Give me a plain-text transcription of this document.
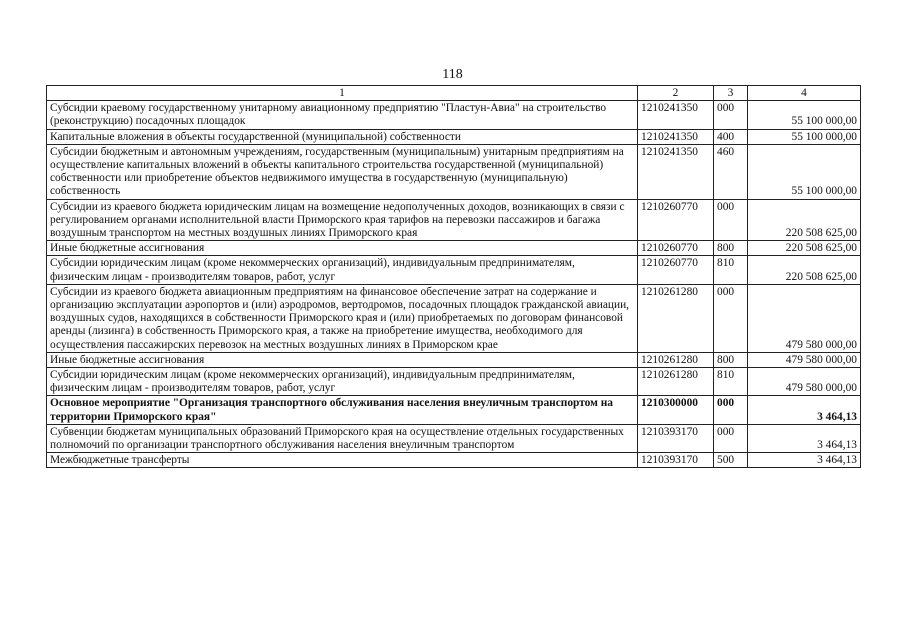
118
1	2	3	4
Субсидии краевому государственному унитарному авиационному предприятию "Пластун-Авиа" на строительство (реконструкцию) посадочных площадок	1210241350	000	55 100 000,00
Капитальные вложения в объекты государственной (муниципальной) собственности	1210241350	400	55 100 000,00
Субсидии бюджетным и автономным учреждениям, государственным (муниципальным) унитарным предприятиям на осуществление капитальных вложений в объекты капитального строительства государственной (муниципальной) собственности или приобретение объектов недвижимого имущества в государственную (муниципальную) собственность	1210241350	460	55 100 000,00
Субсидии из краевого бюджета юридическим лицам на возмещение недополученных доходов, возникающих в связи с регулированием органами исполнительной власти Приморского края тарифов на перевозки пассажиров и багажа воздушным транспортом на местных воздушных линиях Приморского края	1210260770	000	220 508 625,00
Иные бюджетные ассигнования	1210260770	800	220 508 625,00
Субсидии юридическим лицам (кроме некоммерческих организаций), индивидуальным предпринимателям, физическим лицам - производителям товаров, работ, услуг	1210260770	810	220 508 625,00
Субсидии из краевого бюджета авиационным предприятиям на финансовое обеспечение затрат на содержание и организацию эксплуатации аэропортов и (или) аэродромов, вертодромов, посадочных площадок гражданской авиации, воздушных судов, находящихся в собственности Приморского края и (или) приобретаемых по договорам финансовой аренды (лизинга) в собственность Приморского края, а также на приобретение имущества, необходимого для осуществления пассажирских перевозок на местных воздушных линиях в Приморском крае	1210261280	000	479 580 000,00
Иные бюджетные ассигнования	1210261280	800	479 580 000,00
Субсидии юридическим лицам (кроме некоммерческих организаций), индивидуальным предпринимателям, физическим лицам - производителям товаров, работ, услуг	1210261280	810	479 580 000,00
Основное мероприятие "Организация транспортного обслуживания населения внеуличным транспортом на территории Приморского края"	1210300000	000	3 464,13
Субвенции бюджетам муниципальных образований Приморского края на осуществление отдельных государственных полномочий по организации транспортного обслуживания населения внеуличным транспортом	1210393170	000	3 464,13
Межбюджетные трансферты	1210393170	500	3 464,13
